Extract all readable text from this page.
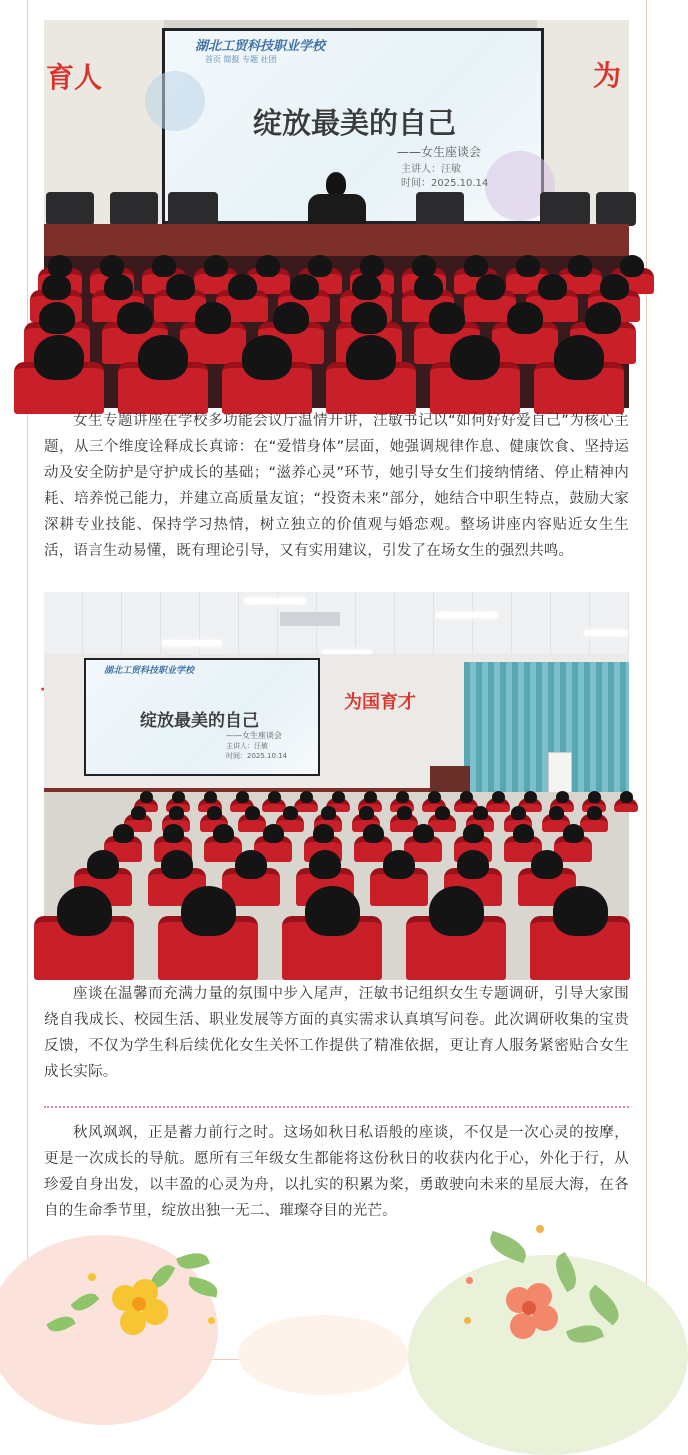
育人	为
湖北工贸科技职业学校
首页 简报 专题 社团
绽放最美的自己
——女生座谈会
主讲人：汪敏
时间：2025.10.14

女生专题讲座在学校多功能会议厅温情开讲，汪敏书记以“如何好好爱自己”为核心主题，从三个维度诠释成长真谛：在“爱惜身体”层面，她强调规律作息、健康饮食、坚持运动及安全防护是守护成长的基础；“滋养心灵”环节，她引导女生们接纳情绪、停止精神内耗、培养悦己能力，并建立高质量友谊；“投资未来”部分，她结合中职生特点，鼓励大家深耕专业技能、保持学习热情，树立独立的价值观与婚恋观。整场讲座内容贴近女生生活，语言生动易懂，既有理论引导，又有实用建议，引发了在场女生的强烈共鸣。

为国育才
·
湖北工贸科技职业学校
绽放最美的自己
——女生座谈会
主讲人：汪敏
时间：2025.10.14

座谈在温馨而充满力量的氛围中步入尾声，汪敏书记组织女生专题调研，引导大家围绕自我成长、校园生活、职业发展等方面的真实需求认真填写问卷。此次调研收集的宝贵反馈，不仅为学生科后续优化女生关怀工作提供了精准依据，更让育人服务紧密贴合女生成长实际。

秋风飒飒，正是蓄力前行之时。这场如秋日私语般的座谈，不仅是一次心灵的按摩，更是一次成长的导航。愿所有三年级女生都能将这份秋日的收获内化于心，外化于行，从珍爱自身出发，以丰盈的心灵为舟，以扎实的积累为桨，勇敢驶向未来的星辰大海，在各自的生命季节里，绽放出独一无二、璀璨夺目的光芒。
